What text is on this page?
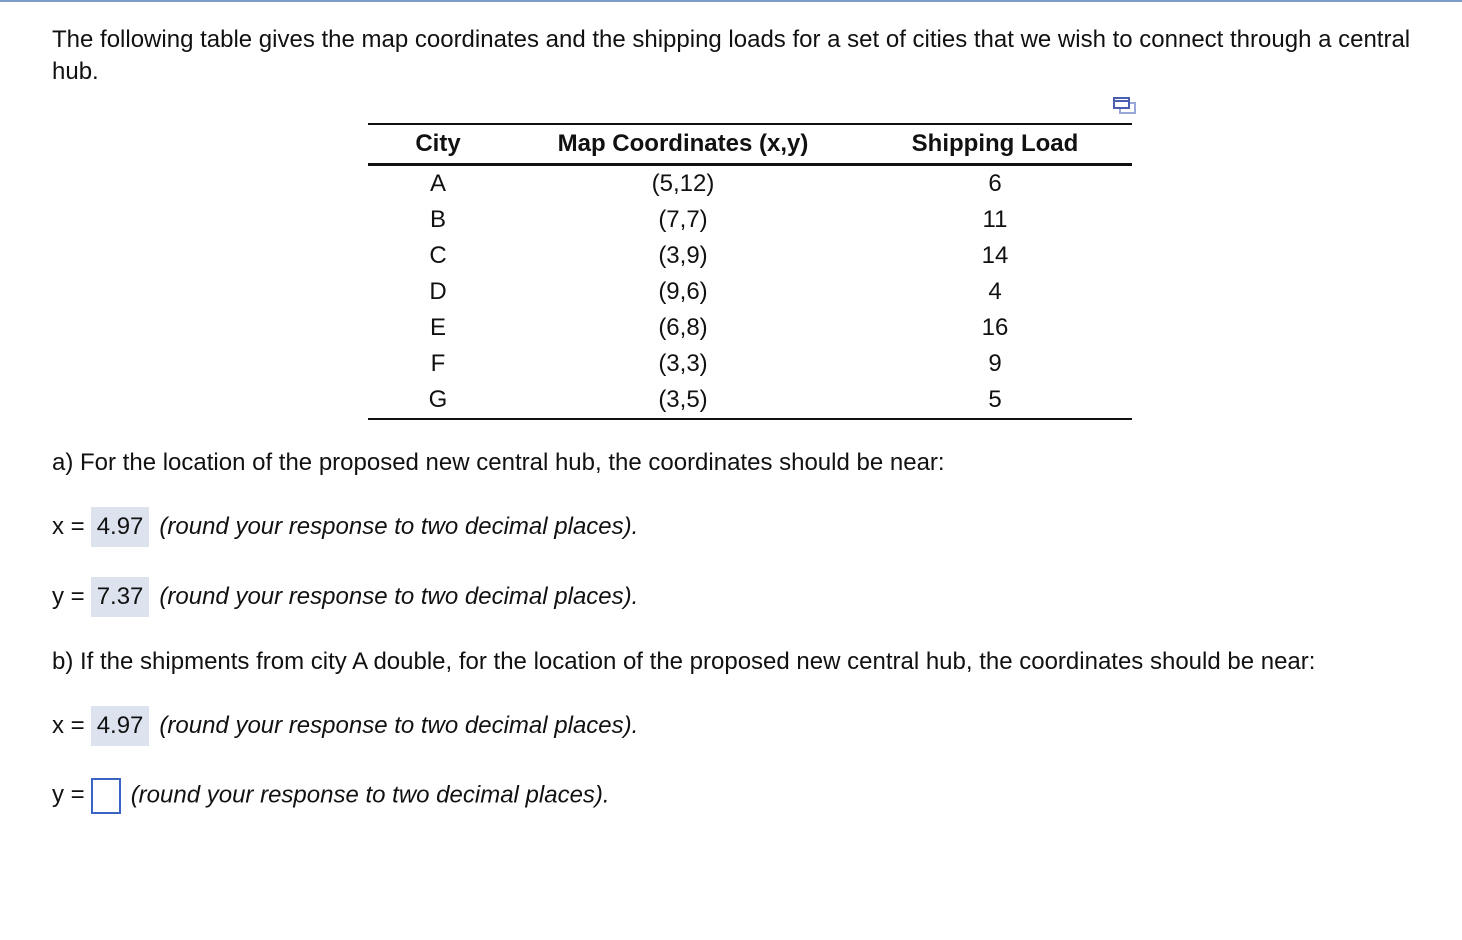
The following table gives the map coordinates and the shipping loads for a set of cities that we wish to connect through a central hub.
City	Map Coordinates (x,y)	Shipping Load
A	(5,12)	6
B	(7,7)	11
C	(3,9)	14
D	(9,6)	4
E	(6,8)	16
F	(3,3)	9
G	(3,5)	5
a) For the location of the proposed new central hub, the coordinates should be near:
x = 4.97 (round your response to two decimal places).
y = 7.37 (round your response to two decimal places).
b) If the shipments from city A double, for the location of the proposed new central hub, the coordinates should be near:
x = 4.97 (round your response to two decimal places).
y = (round your response to two decimal places).
